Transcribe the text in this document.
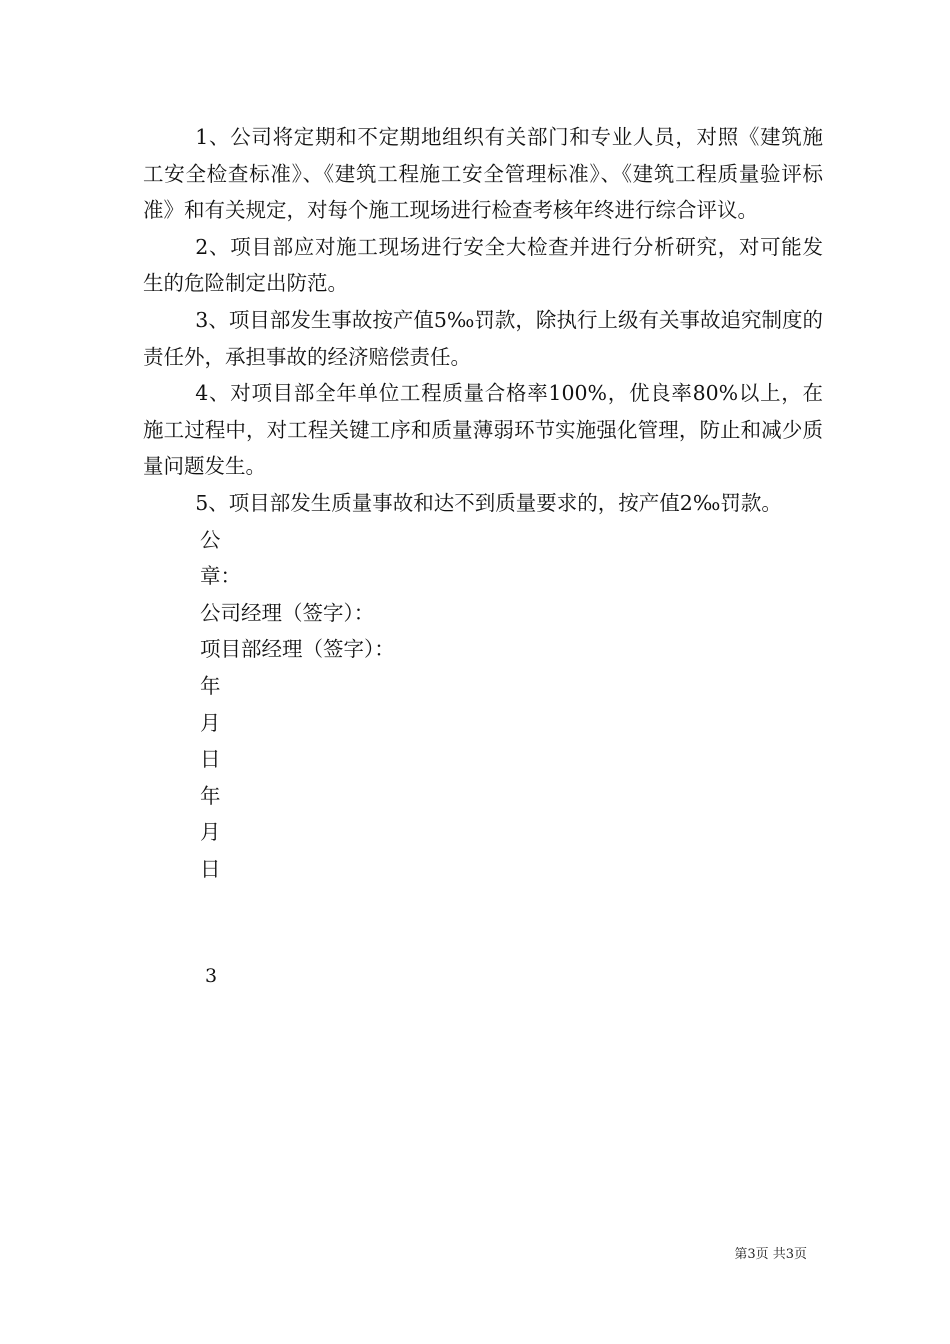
1、公司将定期和不定期地组织有关部门和专业人员，对照《建筑施工安全检查标准》、《建筑工程施工安全管理标准》、《建筑工程质量验评标准》和有关规定，对每个施工现场进行检查考核年终进行综合评议。

2、项目部应对施工现场进行安全大检查并进行分析研究，对可能发生的危险制定出防范。

3、项目部发生事故按产值5‰罚款，除执行上级有关事故追究制度的责任外，承担事故的经济赔偿责任。

4、对项目部全年单位工程质量合格率100%，优良率80%以上，在施工过程中，对工程关键工序和质量薄弱环节实施强化管理，防止和减少质量问题发生。

5、项目部发生质量事故和达不到质量要求的，按产值2‰罚款。

公

章：

公司经理（签字）：

项目部经理（签字）：

年

月

日

年

月

日

3
第3页 共3页
